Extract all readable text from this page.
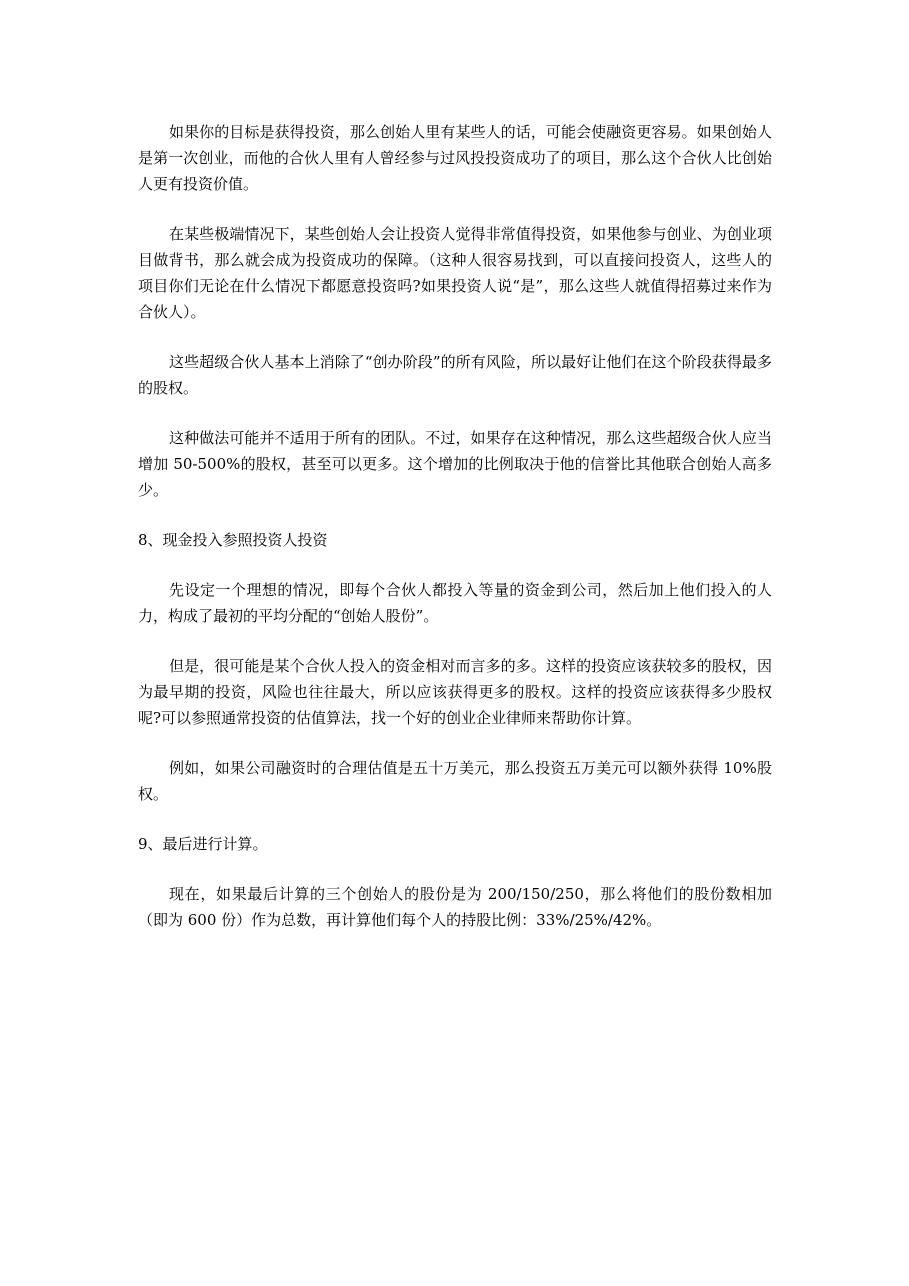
如果你的目标是获得投资，那么创始人里有某些人的话，可能会使融资更容易。如果创始人是第一次创业，而他的合伙人里有人曾经参与过风投投资成功了的项目，那么这个合伙人比创始人更有投资价值。

在某些极端情况下，某些创始人会让投资人觉得非常值得投资，如果他参与创业、为创业项目做背书，那么就会成为投资成功的保障。（这种人很容易找到，可以直接问投资人，这些人的项目你们无论在什么情况下都愿意投资吗?如果投资人说“是”，那么这些人就值得招募过来作为合伙人）。

这些超级合伙人基本上消除了“创办阶段”的所有风险，所以最好让他们在这个阶段获得最多的股权。

这种做法可能并不适用于所有的团队。不过，如果存在这种情况，那么这些超级合伙人应当增加 50-500%的股权，甚至可以更多。这个增加的比例取决于他的信誉比其他联合创始人高多少。

8、现金投入参照投资人投资

先设定一个理想的情况，即每个合伙人都投入等量的资金到公司，然后加上他们投入的人力，构成了最初的平均分配的“创始人股份”。

但是，很可能是某个合伙人投入的资金相对而言多的多。这样的投资应该获较多的股权，因为最早期的投资，风险也往往最大，所以应该获得更多的股权。这样的投资应该获得多少股权呢?可以参照通常投资的估值算法，找一个好的创业企业律师来帮助你计算。

例如，如果公司融资时的合理估值是五十万美元，那么投资五万美元可以额外获得 10%股权。

9、最后进行计算。

现在，如果最后计算的三个创始人的股份是为 200/150/250，那么将他们的股份数相加（即为 600 份）作为总数，再计算他们每个人的持股比例：33%/25%/42%。
